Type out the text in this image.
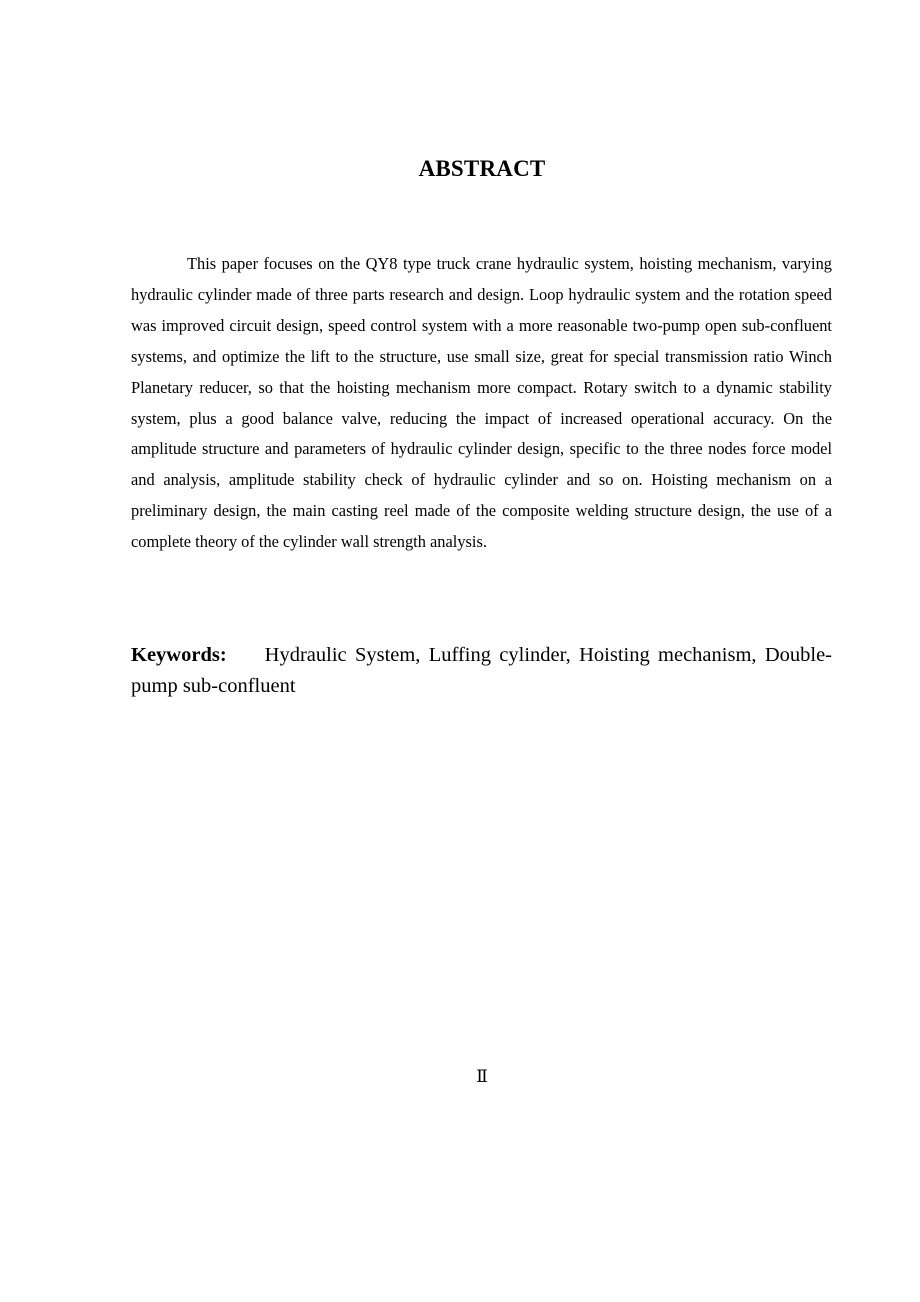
ABSTRACT

This paper focuses on the QY8 type truck crane hydraulic system, hoisting mechanism, varying hydraulic cylinder made of three parts research and design. Loop hydraulic system and the rotation speed was improved circuit design, speed control system with a more reasonable two-pump open sub-confluent systems, and optimize the lift to the structure, use small size, great for special transmission ratio Winch Planetary reducer, so that the hoisting mechanism more compact. Rotary switch to a dynamic stability system, plus a good balance valve, reducing the impact of increased operational accuracy. On the amplitude structure and parameters of hydraulic cylinder design, specific to the three nodes force model and analysis, amplitude stability check of hydraulic cylinder and so on. Hoisting mechanism on a preliminary design, the main casting reel made of the composite welding structure design, the use of a complete theory of the cylinder wall strength analysis.

Keywords: Hydraulic System, Luffing cylinder, Hoisting mechanism, Double-pump sub-confluent

Ⅱ
